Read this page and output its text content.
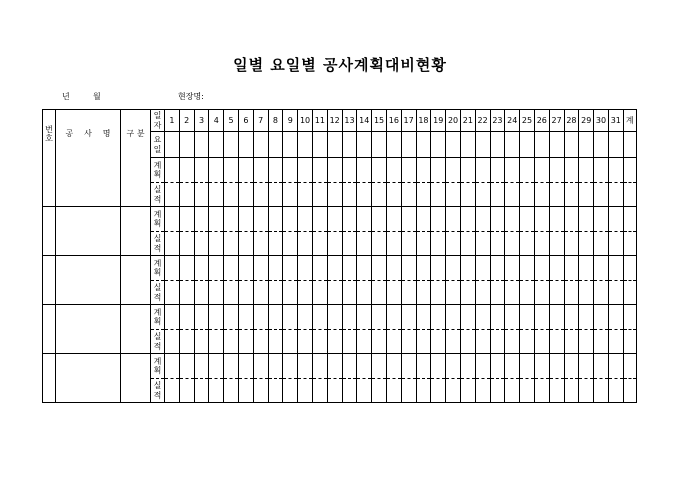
일별 요일별 공사계획대비현황
년	월	현장명:
번호	공 사 명	구 분	일자	1	2	3	4	5	6	7	8	9	10	11	12	13	14	15	16	17	18	19	20	21	22	23	24	25	26	27	28	29	30	31	계
			요일																																
			계획																																
			실적																																
			계획																																
			실적																																
			계획																																
			실적																																
			계획																																
			실적																																
			계획																																
			실적																																
